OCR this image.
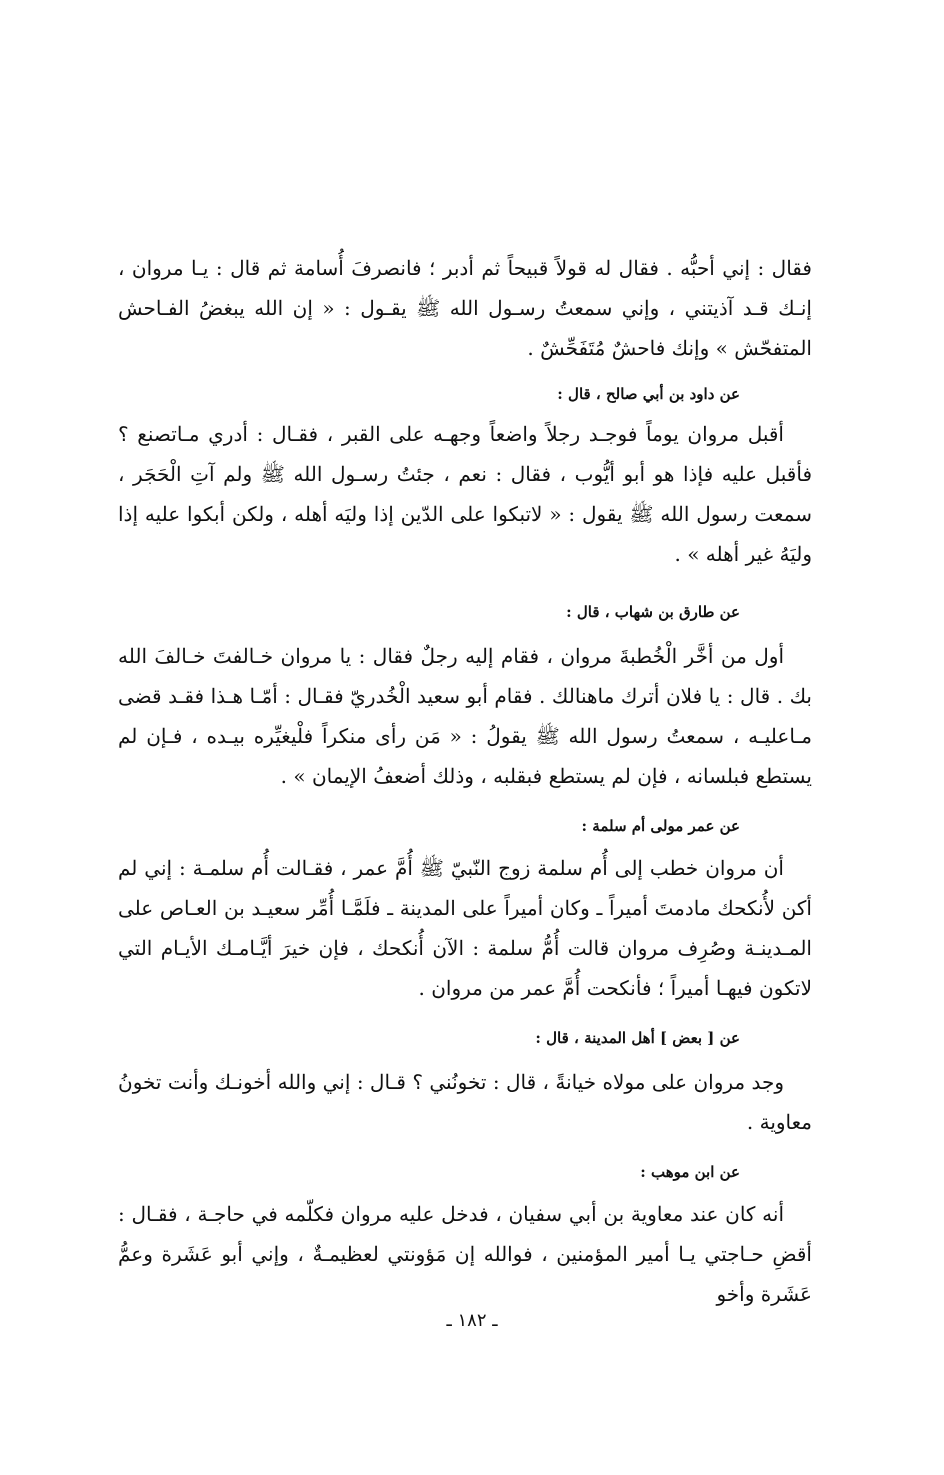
فقال : إني أحبُّه . فقال له قولاً قبيحاً ثم أدبر ؛ فانصرفَ أُسامة ثم قال : يـا مروان ، إنـك قـد آذيتني ، وإني سمعتُ رسـول الله ﷺ يقـول : « إن الله يبغضُ الفـاحش المتفحّش » وإنك فاحشٌ مُتَفَحِّشٌ .

عن داود بن أبي صالح ، قال :

أقبل مروان يوماً فوجـد رجلاً واضعاً وجهـه على القبر ، فقـال : أدري مـاتصنع ؟ فأقبل عليه فإذا هو أبو أيُّوب ، فقال : نعم ، جئتُ رسـول الله ﷺ ولم آتِ الْحَجَر ، سمعت رسول الله ﷺ يقول : « لاتبكوا على الدّين إذا وليَه أهله ، ولكن أبكوا عليه إذا وليَهُ غير أهله » .

عن طارق بن شهاب ، قال :

أول من أخَّر الْخُطبةَ مروان ، فقام إليه رجلٌ فقال : يا مروان خـالفتَ خـالفَ الله بك . قال : يا فلان أترك ماهنالك . فقام أبو سعيد الْخُدريّ فقـال : أمّـا هـذا فقـد قضى مـاعليـه ، سمعتُ رسول الله ﷺ يقولُ : « مَن رأى منكراً فلْيغيِّره بيـده ، فـإن لم يستطع فبلسانه ، فإن لم يستطع فبقلبه ، وذلك أضعفُ الإيمان » .

عن عمر مولى أم سلمة :

أن مروان خطب إلى أُم سلمة زوج النّبيّ ﷺ أُمَّ عمر ، فقـالت أُم سلمـة : إني لم أكن لأُنكحك مادمتَ أميراً ـ وكان أميراً على المدينة ـ فلَمَّـا أُمِّر سعيـد بن العـاص على المـدينـة وصُرِف مروان قالت أُمُّ سلمة : الآن أُنكحك ، فإن خيرَ أيَّـامـك الأيـام التي لاتكون فيهـا أميراً ؛ فأنكحت أُمَّ عمر من مروان .

عن [ بعض ] أهل المدينة ، قال :

وجد مروان على مولاه خيانةً ، قال : تخونُني ؟ قـال : إني والله أخونـك وأنت تخونُ معاوية .

عن ابن موهب :

أنه كان عند معاوية بن أبي سفيان ، فدخل عليه مروان فكلّمه في حاجـة ، فقـال : أقضِ حـاجتي يـا أمير المؤمنين ، فوالله إن مَؤونتي لعظيمـةٌ ، وإني أبو عَشَرة وعمُّ عَشَرة وأخو

ـ ١٨٢ ـ
